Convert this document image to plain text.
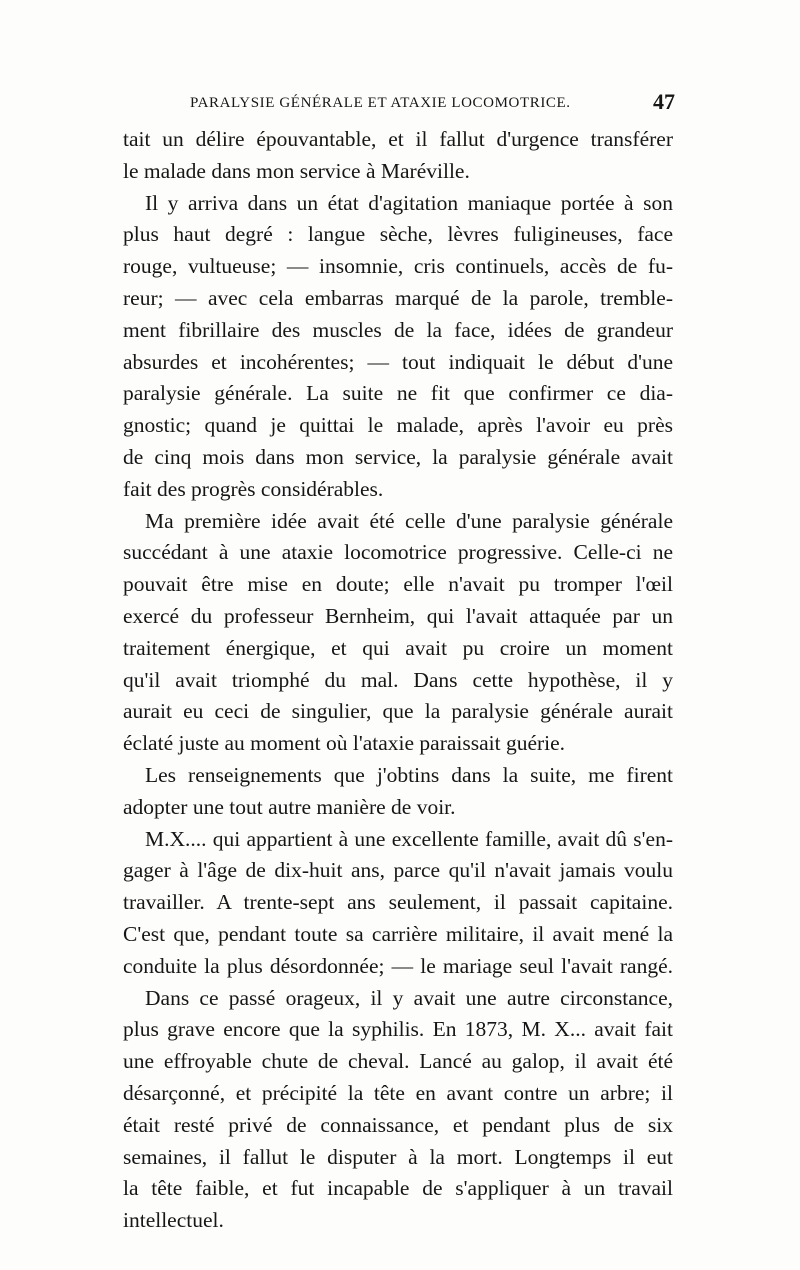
PARALYSIE GÉNÉRALE ET ATAXIE LOCOMOTRICE.	47
tait un délire épouvantable, et il fallut d'urgence transférer
le malade dans mon service à Maréville.
Il y arriva dans un état d'agitation maniaque portée à son
plus haut degré : langue sèche, lèvres fuligineuses, face
rouge, vultueuse; — insomnie, cris continuels, accès de fu-
reur; — avec cela embarras marqué de la parole, tremble-
ment fibrillaire des muscles de la face, idées de grandeur
absurdes et incohérentes; — tout indiquait le début d'une
paralysie générale. La suite ne fit que confirmer ce dia-
gnostic; quand je quittai le malade, après l'avoir eu près
de cinq mois dans mon service, la paralysie générale avait
fait des progrès considérables.
Ma première idée avait été celle d'une paralysie générale
succédant à une ataxie locomotrice progressive. Celle-ci ne
pouvait être mise en doute; elle n'avait pu tromper l'œil
exercé du professeur Bernheim, qui l'avait attaquée par un
traitement énergique, et qui avait pu croire un moment
qu'il avait triomphé du mal. Dans cette hypothèse, il y
aurait eu ceci de singulier, que la paralysie générale aurait
éclaté juste au moment où l'ataxie paraissait guérie.
Les renseignements que j'obtins dans la suite, me firent
adopter une tout autre manière de voir.
M.X.... qui appartient à une excellente famille, avait dû s'en-
gager à l'âge de dix-huit ans, parce qu'il n'avait jamais voulu
travailler. A trente-sept ans seulement, il passait capitaine.
C'est que, pendant toute sa carrière militaire, il avait mené la
conduite la plus désordonnée; — le mariage seul l'avait rangé.
Dans ce passé orageux, il y avait une autre circonstance,
plus grave encore que la syphilis. En 1873, M. X... avait fait
une effroyable chute de cheval. Lancé au galop, il avait été
désarçonné, et précipité la tête en avant contre un arbre; il
était resté privé de connaissance, et pendant plus de six
semaines, il fallut le disputer à la mort. Longtemps il eut
la tête faible, et fut incapable de s'appliquer à un travail
intellectuel.
